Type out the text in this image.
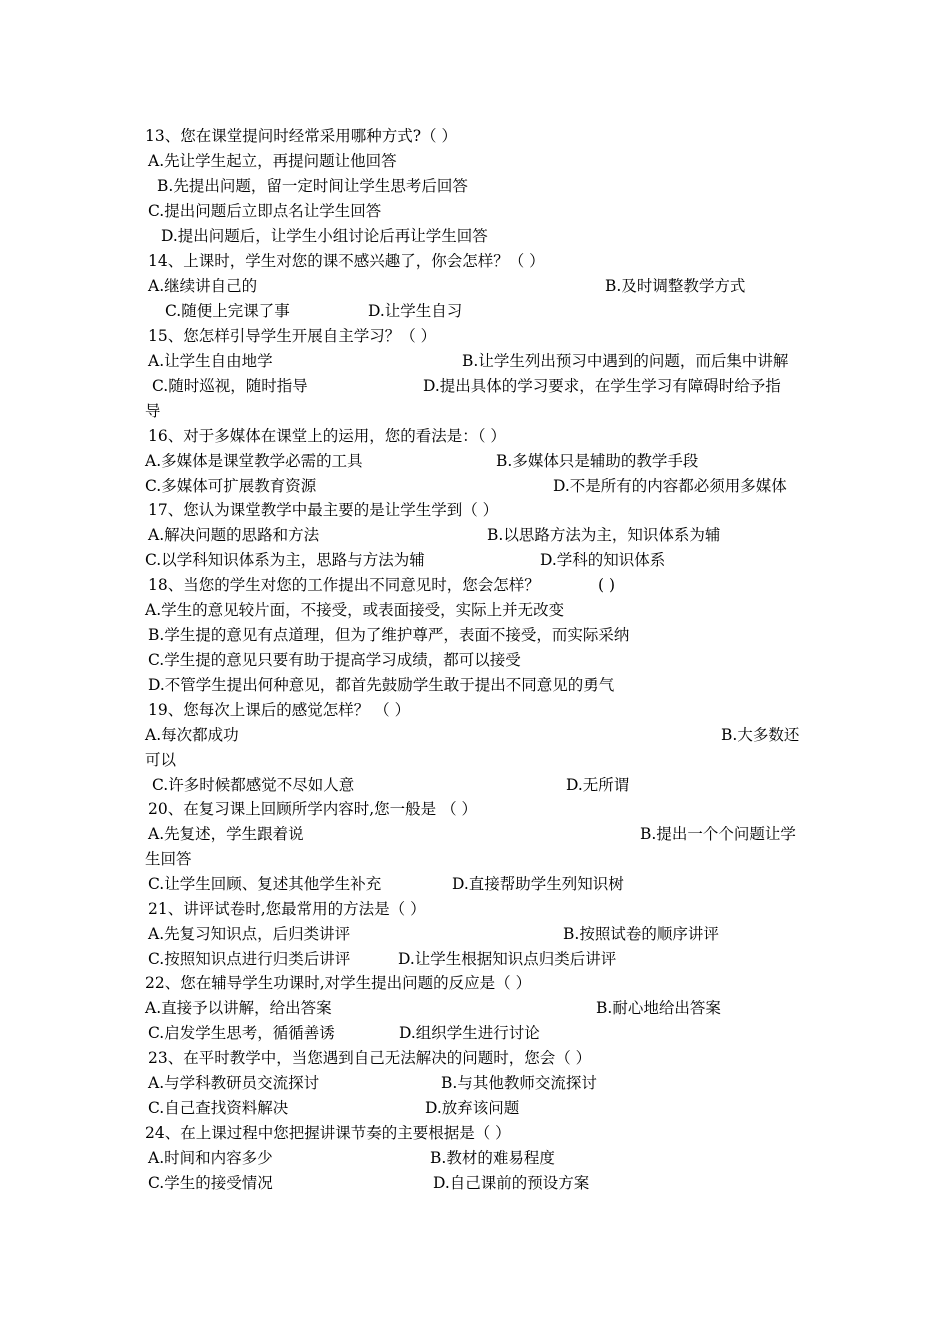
13、您在课堂提问时经常采用哪种方式?（ ）
A.先让学生起立，再提问题让他回答
B.先提出问题，留一定时间让学生思考后回答
C.提出问题后立即点名让学生回答
D.提出问题后，让学生小组讨论后再让学生回答
14、上课时，学生对您的课不感兴趣了，你会怎样？（ ）
A.继续讲自己的	B.及时调整教学方式
C.随便上完课了事	D.让学生自习
15、您怎样引导学生开展自主学习？（ ）
A.让学生自由地学	B.让学生列出预习中遇到的问题，而后集中讲解
C.随时巡视，随时指导	D.提出具体的学习要求，在学生学习有障碍时给予指
导
16、对于多媒体在课堂上的运用，您的看法是：（ ）
A.多媒体是课堂教学必需的工具	B.多媒体只是辅助的教学手段
C.多媒体可扩展教育资源	D.不是所有的内容都必须用多媒体
17、您认为课堂教学中最主要的是让学生学到（ ）
A.解决问题的思路和方法	B.以思路方法为主，知识体系为辅
C.以学科知识体系为主，思路与方法为辅	D.学科的知识体系
18、当您的学生对您的工作提出不同意见时，您会怎样？	( )
A.学生的意见较片面，不接受，或表面接受，实际上并无改变
B.学生提的意见有点道理，但为了维护尊严，表面不接受，而实际采纳
C.学生提的意见只要有助于提高学习成绩，都可以接受
D.不管学生提出何种意见，都首先鼓励学生敢于提出不同意见的勇气
19、您每次上课后的感觉怎样？ （ ）
A.每次都成功	B.大多数还
可以
C.许多时候都感觉不尽如人意	D.无所谓
20、在复习课上回顾所学内容时,您一般是 （ ）
A.先复述，学生跟着说	B.提出一个个问题让学
生回答
C.让学生回顾、复述其他学生补充	D.直接帮助学生列知识树
21、讲评试卷时,您最常用的方法是（ ）
A.先复习知识点，后归类讲评	B.按照试卷的顺序讲评
C.按照知识点进行归类后讲评	D.让学生根据知识点归类后讲评
22、您在辅导学生功课时,对学生提出问题的反应是（ ）
A.直接予以讲解，给出答案	B.耐心地给出答案
C.启发学生思考，循循善诱	D.组织学生进行讨论
23、在平时教学中，当您遇到自己无法解决的问题时，您会（ ）
A.与学科教研员交流探讨	B.与其他教师交流探讨
C.自己查找资料解决	D.放弃该问题
24、在上课过程中您把握讲课节奏的主要根据是（ ）
A.时间和内容多少	B.教材的难易程度
C.学生的接受情况	D.自己课前的预设方案
